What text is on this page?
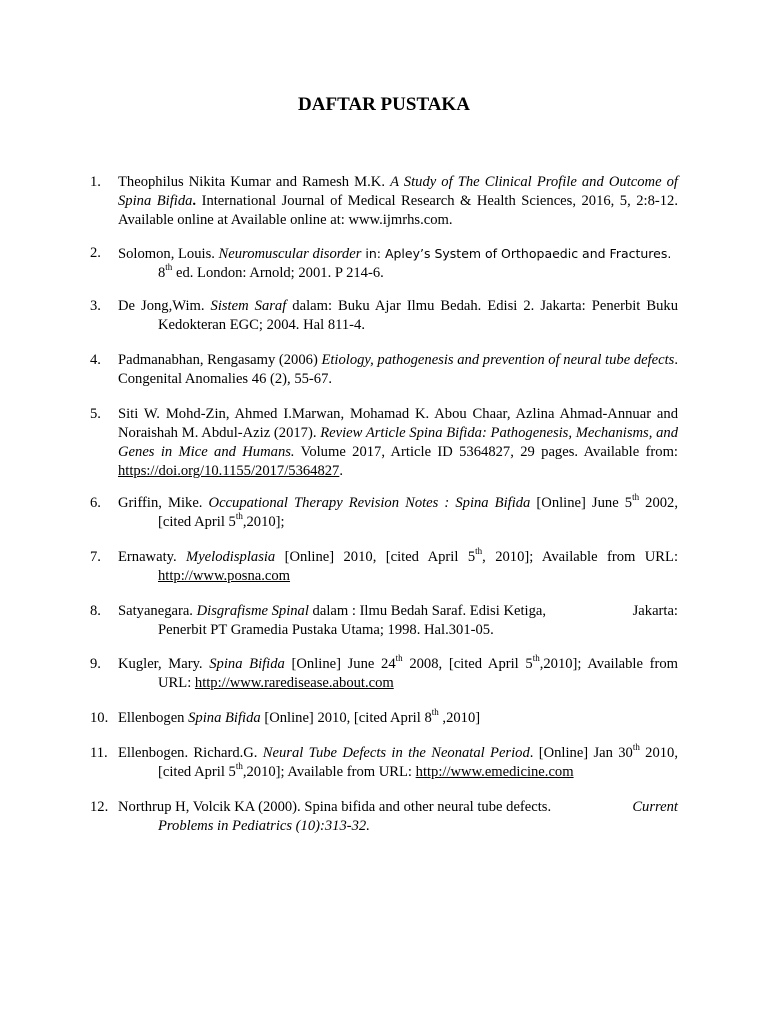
DAFTAR PUSTAKA
1. Theophilus Nikita Kumar and Ramesh M.K. A Study of The Clinical Profile and Outcome of Spina Bifida. International Journal of Medical Research & Health Sciences, 2016, 5, 2:8-12. Available online at Available online at: www.ijmrhs.com.
2. Solomon, Louis. Neuromuscular disorder in: Apley’s System of Orthopaedic and Fractures.
8th ed. London: Arnold; 2001. P 214-6.
3. De Jong,Wim. Sistem Saraf dalam: Buku Ajar Ilmu Bedah. Edisi 2. Jakarta: Penerbit Buku
Kedokteran EGC; 2004. Hal 811-4.
4. Padmanabhan, Rengasamy (2006) Etiology, pathogenesis and prevention of neural tube defects. Congenital Anomalies 46 (2), 55-67.
5. Siti W. Mohd-Zin, Ahmed I.Marwan, Mohamad K. Abou Chaar, Azlina Ahmad-Annuar and Noraishah M. Abdul-Aziz (2017). Review Article Spina Bifida: Pathogenesis, Mechanisms, and Genes in Mice and Humans. Volume 2017, Article ID 5364827, 29 pages. Available from: https://doi.org/10.1155/2017/5364827.
6. Griffin, Mike. Occupational Therapy Revision Notes : Spina Bifida [Online] June 5th 2002,
[cited April 5th,2010];
7. Ernawaty. Myelodisplasia [Online] 2010, [cited April 5th, 2010]; Available from URL:
http://www.posna.com
8. Satyanegara. Disgrafisme Spinal dalam : Ilmu Bedah Saraf. Edisi Ketiga,	Jakarta:
Penerbit PT Gramedia Pustaka Utama; 1998. Hal.301-05.
9. Kugler, Mary. Spina Bifida [Online] June 24th 2008, [cited April 5th,2010]; Available from
URL: http://www.raredisease.about.com
10. Ellenbogen Spina Bifida [Online] 2010, [cited April 8th ,2010]
11. Ellenbogen. Richard.G. Neural Tube Defects in the Neonatal Period. [Online] Jan 30th 2010,
[cited April 5th,2010]; Available from URL: http://www.emedicine.com
12. Northrup H, Volcik KA (2000). Spina bifida and other neural tube defects.	Current
Problems in Pediatrics (10):313-32.
